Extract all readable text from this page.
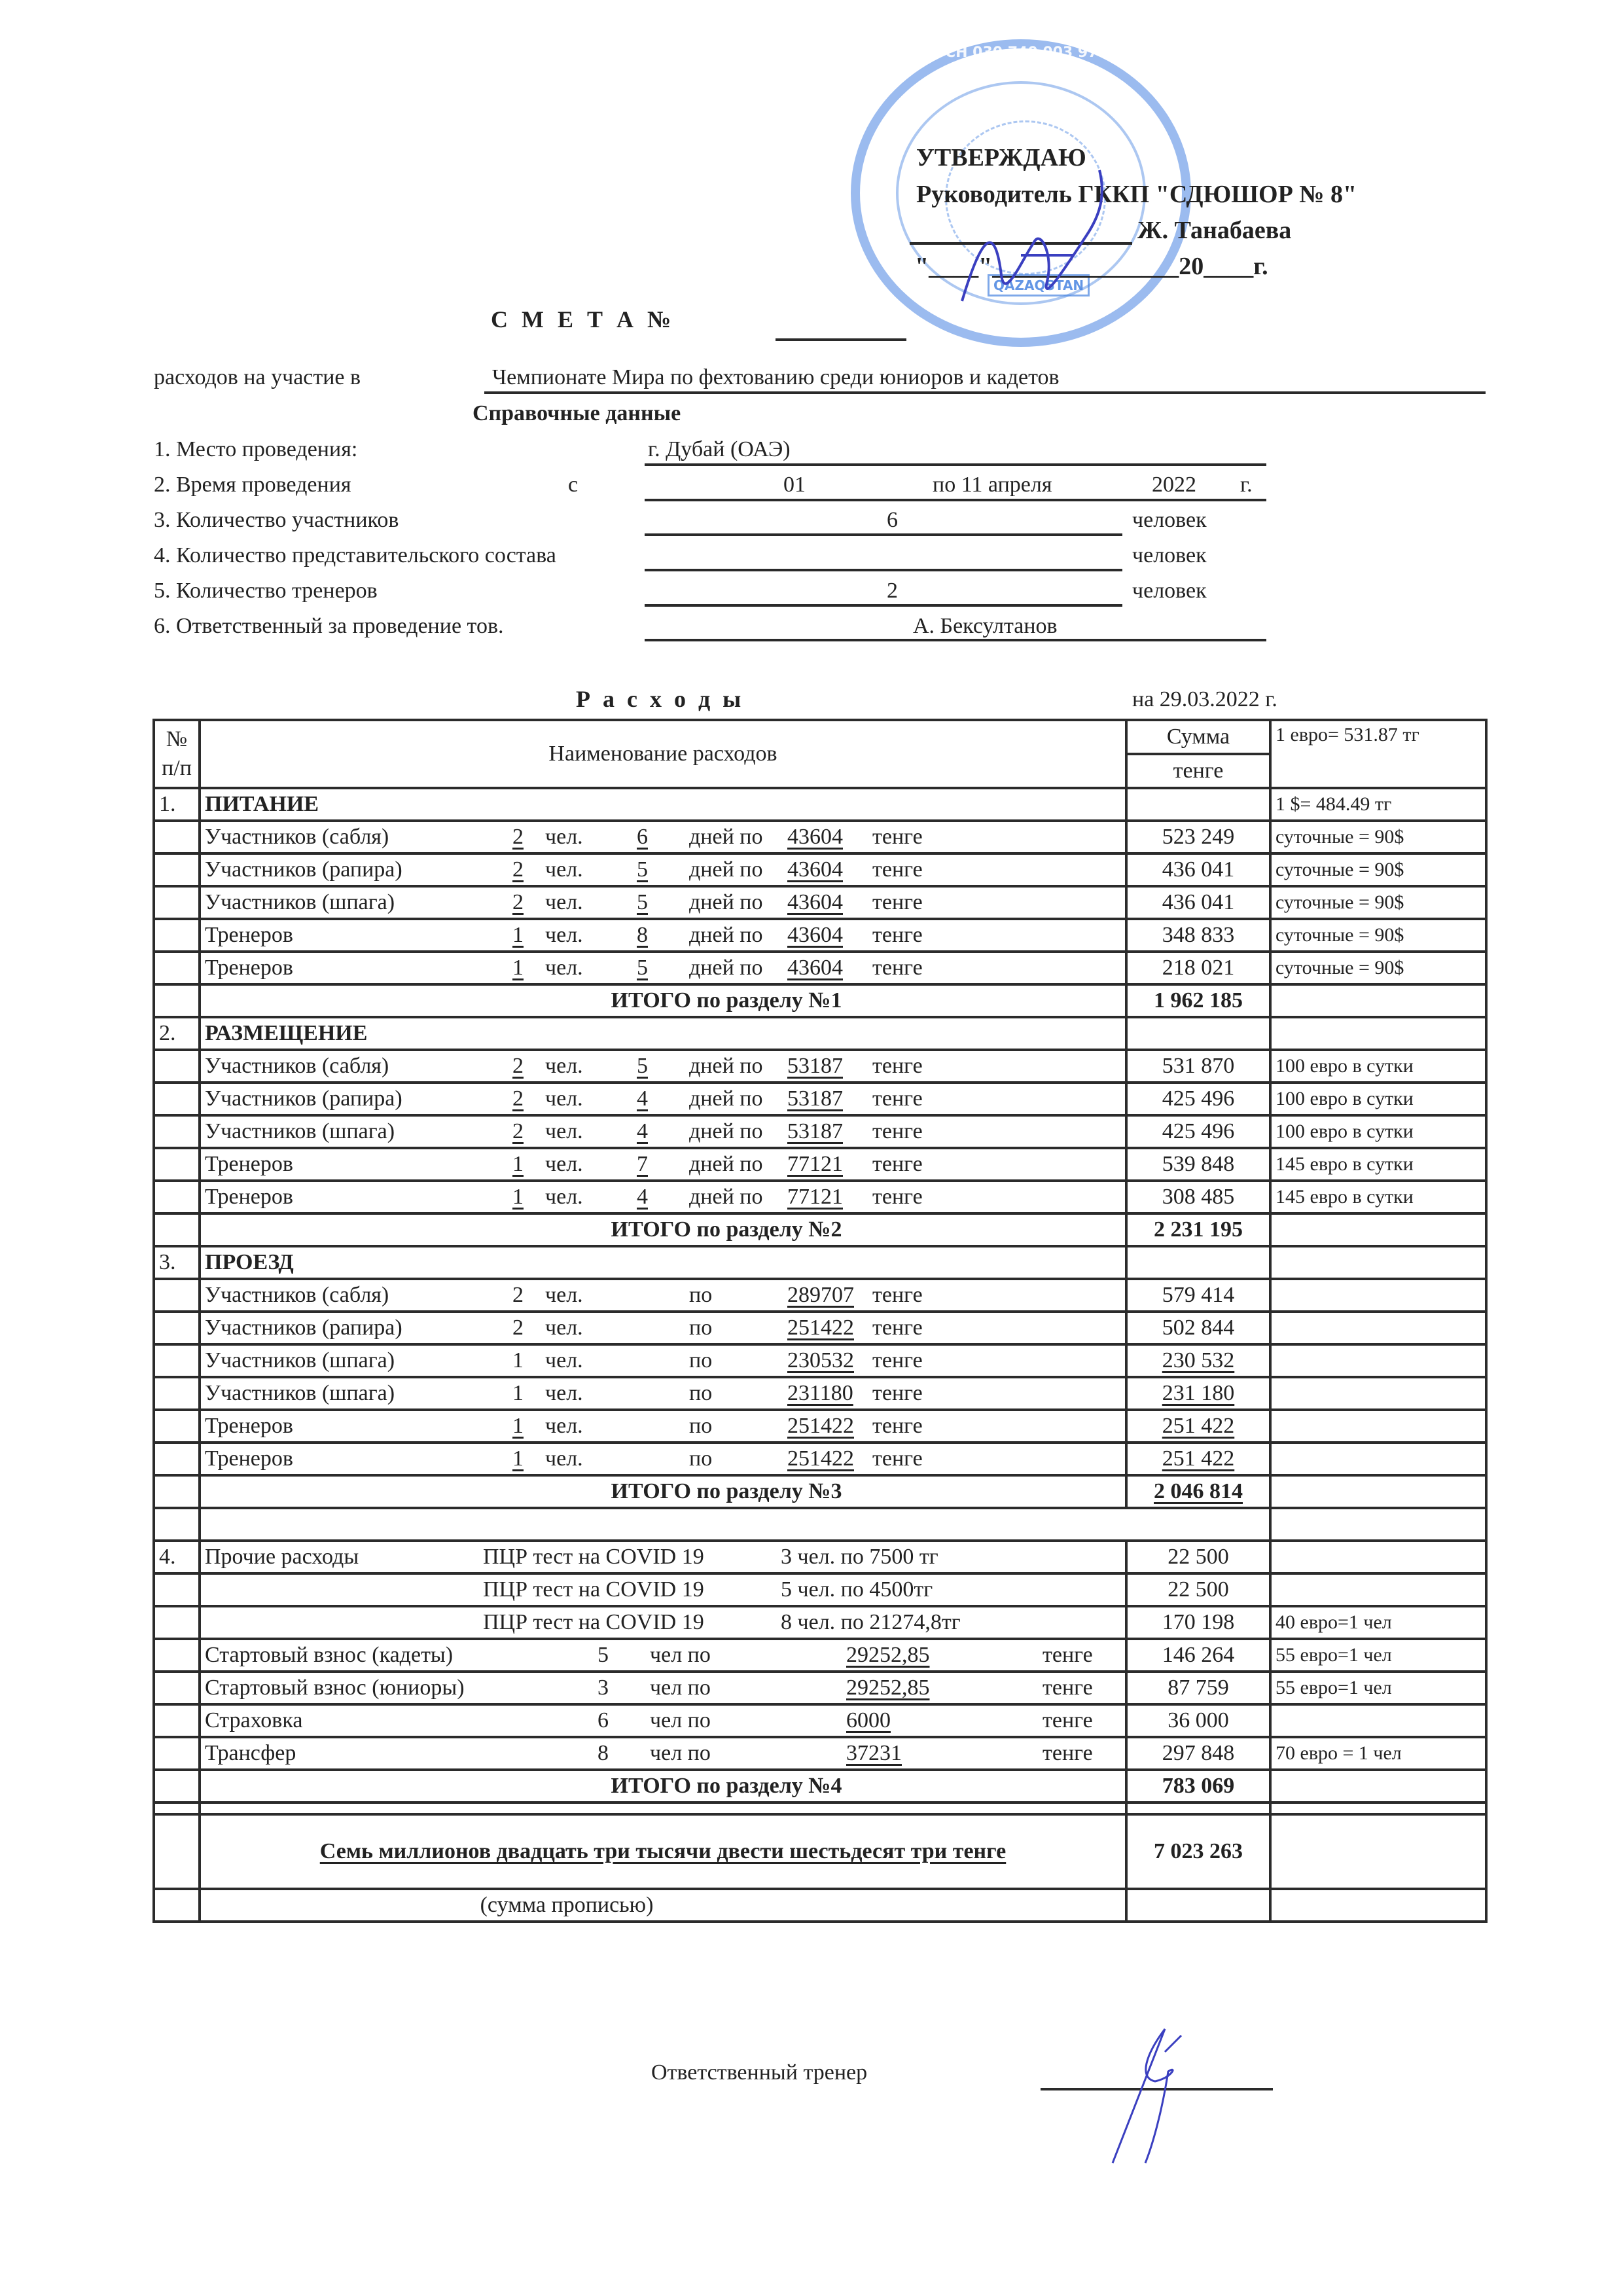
БСН 030 740 003 976
QAZAQSTAN
УТВЕРЖДАЮ
Руководитель ГККП "СДЮШОР № 8"
Ж. Танабаева
"____"_______________20____г.
С М Е Т А №
расходов на участие в	Чемпионате Мира по фехтованию среди юниоров и кадетов
Справочные данные
1. Место проведения:	г. Дубай (ОАЭ)
2. Время проведения	с	01	по 11 апреля	2022 г.
3. Количество участников	6	человек
4. Количество представительского состава	человек
5. Количество тренеров	2	человек
6. Ответственный за проведение тов.	А. Бексултанов
Р а с х о д ы	на 29.03.2022 г.
№
п/п	Наименование расходов	Сумма	1 евро= 531.87 тг
		тенге	
1.	ПИТАНИЕ		1 $= 484.49 тг

Участников (сабля)	2 чел.	6	дней по	43604	тенге	523 249	суточные = 90$

Участников (рапира)	2 чел.	5	дней по	43604	тенге	436 041	суточные = 90$

Участников (шпага)	2 чел.	5	дней по	43604	тенге	436 041	суточные = 90$

Тренеров	1 чел.	8	дней по	43604	тенге	348 833	суточные = 90$

Тренеров	1 чел.	5	дней по	43604	тенге	218 021	суточные = 90$
	ИТОГО по разделу №1	1 962 185	
2.	РАЗМЕЩЕНИЕ		

Участников (сабля)	2 чел.	5	дней по	53187	тенге	531 870	100 евро в сутки

Участников (рапира)	2 чел.	4	дней по	53187	тенге	425 496	100 евро в сутки

Участников (шпага)	2 чел.	4	дней по	53187	тенге	425 496	100 евро в сутки

Тренеров	1 чел.	7	дней по	77121	тенге	539 848	145 евро в сутки

Тренеров	1 чел.	4	дней по	77121	тенге	308 485	145 евро в сутки
	ИТОГО по разделу №2	2 231 195	
3.	ПРОЕЗД		

Участников (сабля)	2 чел.	по	289707 тенге	579 414	

Участников (рапира)	2 чел.	по	251422 тенге	502 844	

Участников (шпага)	1 чел.	по	230532 тенге	230 532	

Участников (шпага)	1 чел.	по	231180 тенге	231 180	

Тренеров	1 чел.	по	251422 тенге	251 422	

Тренеров	1 чел.	по	251422 тенге	251 422	
	ИТОГО по разделу №3	2 046 814	

4.	Прочие расходы ПЦР тест на COVID 19 3 чел. по 7500 тг	22 500	

	ПЦР тест на COVID 19 5 чел. по 4500тг	22 500	

	ПЦР тест на COVID 19 8 чел. по 21274,8тг	170 198	40 евро=1 чел

	Стартовый взнос (кадеты) 5 чел по 29252,85 тенге	146 264	55 евро=1 чел

	Стартовый взнос (юниоры) 3 чел по 29252,85 тенге	87 759	55 евро=1 чел

	Страховка 6 чел по 6000 тенге	36 000	

	Трансфер 8 чел по 37231 тенге	297 848	70 евро = 1 чел
	ИТОГО по разделу №4	783 069	

	Семь миллионов двадцать три тысячи двести шестьдесят три тенге	7 023 263	
	(сумма прописью)		
Ответственный тренер
